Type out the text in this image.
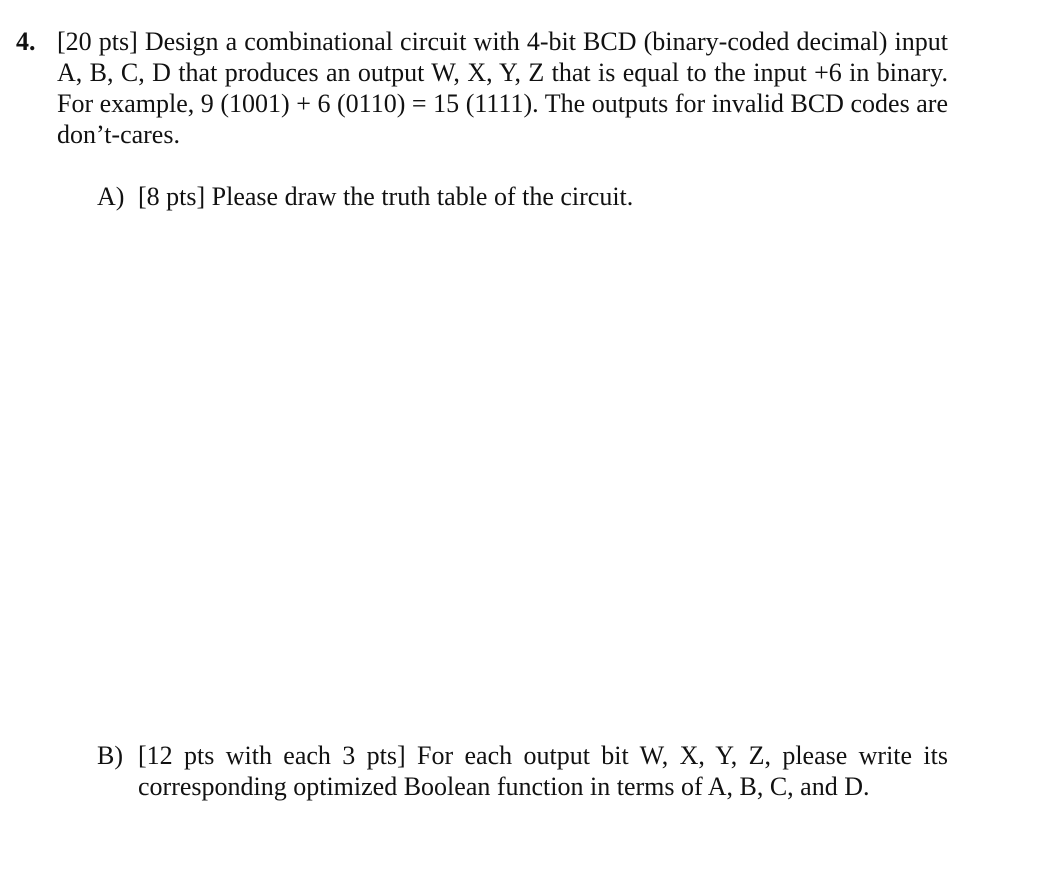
4. [20 pts] Design a combinational circuit with 4-bit BCD (binary-coded decimal) input A, B, C, D that produces an output W, X, Y, Z that is equal to the input +6 in binary. For example, 9 (1001) + 6 (0110) = 15 (1111). The outputs for invalid BCD codes are don’t-cares.
A) [8 pts] Please draw the truth table of the circuit.
B) [12 pts with each 3 pts] For each output bit W, X, Y, Z, please write its corresponding optimized Boolean function in terms of A, B, C, and D.
